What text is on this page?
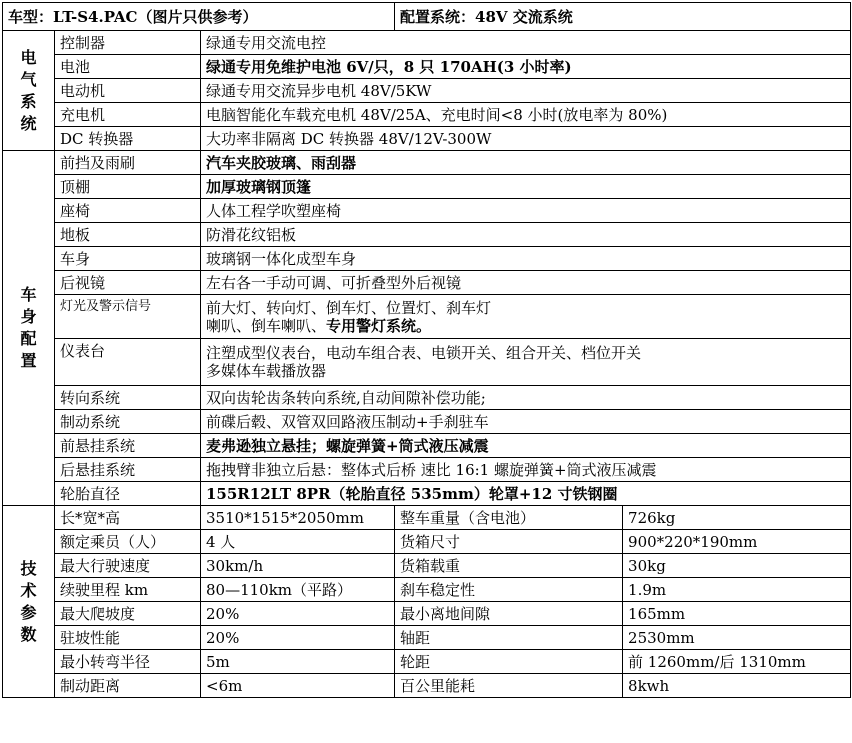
车型：LT-S4.PAC（图片只供参考）			配置系统：48V 交流系统	

电
气
系
统	控制器	绿通专用交流电控		
	电池	绿通专用免维护电池 6V/只，8 只 170AH(3 小时率)		
	电动机	绿通专用交流异步电机 48V/5KW		
	充电机	电脑智能化车载充电机 48V/25A、充电时间<8 小时(放电率为 80%)		
	DC 转换器	大功率非隔离 DC 转换器 48V/12V-300W		

车
身
配
置	前挡及雨刷	汽车夹胶玻璃、雨刮器		
	顶棚	加厚玻璃钢顶篷		
	座椅	人体工程学吹塑座椅		
	地板	防滑花纹铝板		
	车身	玻璃钢一体化成型车身		
	后视镜	左右各一手动可调、可折叠型外后视镜		
	灯光及警示信号	前大灯、转向灯、倒车灯、位置灯、刹车灯
喇叭、倒车喇叭、专用警灯系统。		

	仪表台	注塑成型仪表台，电动车组合表、电锁开关、组合开关、档位开关
多媒体车载播放器		

	转向系统	双向齿轮齿条转向系统,自动间隙补偿功能;		
	制动系统	前碟后毂、双管双回路液压制动+手刹驻车		
	前悬挂系统	麦弗逊独立悬挂；螺旋弹簧+筒式液压减震		
	后悬挂系统	拖拽臂非独立后悬：整体式后桥 速比 16:1 螺旋弹簧+筒式液压减震		
	轮胎直径	155R12LT 8PR（轮胎直径 535mm）轮罩+12 寸铁钢圈		

技
术
参
数	长*宽*高	3510*1515*2050mm	整车重量（含电池）	726kg
	额定乘员（人）	4 人	货箱尺寸	900*220*190mm
	最大行驶速度	30km/h	货箱载重	30kg
	续驶里程 km	80—110km（平路）	刹车稳定性	1.9m
	最大爬坡度	20%	最小离地间隙	165mm
	驻坡性能	20%	轴距	2530mm
	最小转弯半径	5m	轮距	前 1260mm/后 1310mm
	制动距离	<6m	百公里能耗	8kwh
